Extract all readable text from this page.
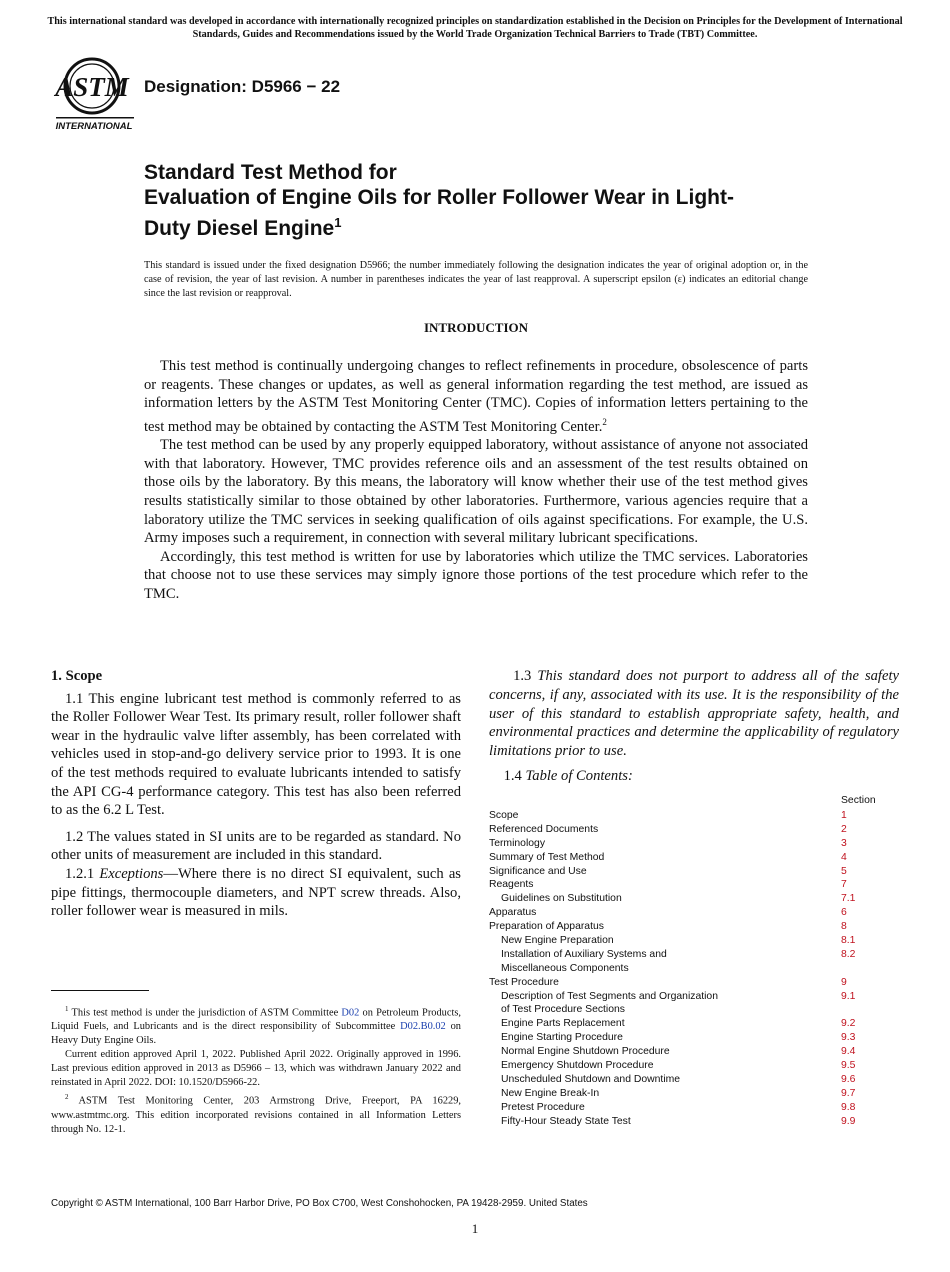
This international standard was developed in accordance with internationally recognized principles on standardization established in the Decision on Principles for the Development of International Standards, Guides and Recommendations issued by the World Trade Organization Technical Barriers to Trade (TBT) Committee.
ASTM
INTERNATIONAL
Designation: D5966 − 22
Standard Test Method for
Evaluation of Engine Oils for Roller Follower Wear in Light-
Duty Diesel Engine$^1$
This standard is issued under the fixed designation D5966; the number immediately following the designation indicates the year of original adoption or, in the case of revision, the year of last revision. A number in parentheses indicates the year of last reapproval. A superscript epsilon (ε) indicates an editorial change since the last revision or reapproval.
INTRODUCTION

This test method is continually undergoing changes to reflect refinements in procedure, obsolescence of parts or reagents. These changes or updates, as well as general information regarding the test method, are issued as information letters by the ASTM Test Monitoring Center (TMC). Copies of information letters pertaining to the test method may be obtained by contacting the ASTM Test Monitoring Center.$^2$

The test method can be used by any properly equipped laboratory, without assistance of anyone not associated with that laboratory. However, TMC provides reference oils and an assessment of the test results obtained on those oils by the laboratory. By this means, the laboratory will know whether their use of the test method gives results statistically similar to those obtained by other laboratories. Furthermore, various agencies require that a laboratory utilize the TMC services in seeking qualification of oils against specifications. For example, the U.S. Army imposes such a requirement, in connection with several military lubricant specifications.

Accordingly, this test method is written for use by laboratories which utilize the TMC services. Laboratories that choose not to use these services may simply ignore those portions of the test procedure which refer to the TMC.

1. Scope

1.1 This engine lubricant test method is commonly referred to as the Roller Follower Wear Test. Its primary result, roller follower shaft wear in the hydraulic valve lifter assembly, has been correlated with vehicles used in stop-and-go delivery service prior to 1993. It is one of the test methods required to evaluate lubricants intended to satisfy the API CG-4 performance category. This test has also been referred to as the 6.2 L Test.

1.2 The values stated in SI units are to be regarded as standard. No other units of measurement are included in this standard.

1.2.1 Exceptions—Where there is no direct SI equivalent, such as pipe fittings, thermocouple diameters, and NPT screw threads. Also, roller follower wear is measured in mils.

$^1$ This test method is under the jurisdiction of ASTM Committee D02 on Petroleum Products, Liquid Fuels, and Lubricants and is the direct responsibility of Subcommittee D02.B0.02 on Heavy Duty Engine Oils.

Current edition approved April 1, 2022. Published April 2022. Originally approved in 1996. Last previous edition approved in 2013 as D5966 – 13, which was withdrawn January 2022 and reinstated in April 2022. DOI: 10.1520/D5966-22.

$^2$ ASTM Test Monitoring Center, 203 Armstrong Drive, Freeport, PA 16229, www.astmtmc.org. This edition incorporated revisions contained in all Information Letters through No. 12-1.

1.3 This standard does not purport to address all of the safety concerns, if any, associated with its use. It is the responsibility of the user of this standard to establish appropriate safety, health, and environmental practices and determine the applicability of regulatory limitations prior to use.

1.4 Table of Contents:

Section
Scope	1
Referenced Documents	2
Terminology	3
Summary of Test Method	4
Significance and Use	5
Reagents	7
Guidelines on Substitution	7.1
Apparatus	6
Preparation of Apparatus	8
New Engine Preparation	8.1
Installation of Auxiliary Systems and	8.2
Miscellaneous Components
Test Procedure	9
Description of Test Segments and Organization	9.1
of Test Procedure Sections
Engine Parts Replacement	9.2
Engine Starting Procedure	9.3
Normal Engine Shutdown Procedure	9.4
Emergency Shutdown Procedure	9.5
Unscheduled Shutdown and Downtime	9.6
New Engine Break-In	9.7
Pretest Procedure	9.8
Fifty-Hour Steady State Test	9.9
Copyright © ASTM International, 100 Barr Harbor Drive, PO Box C700, West Conshohocken, PA 19428-2959. United States
1
